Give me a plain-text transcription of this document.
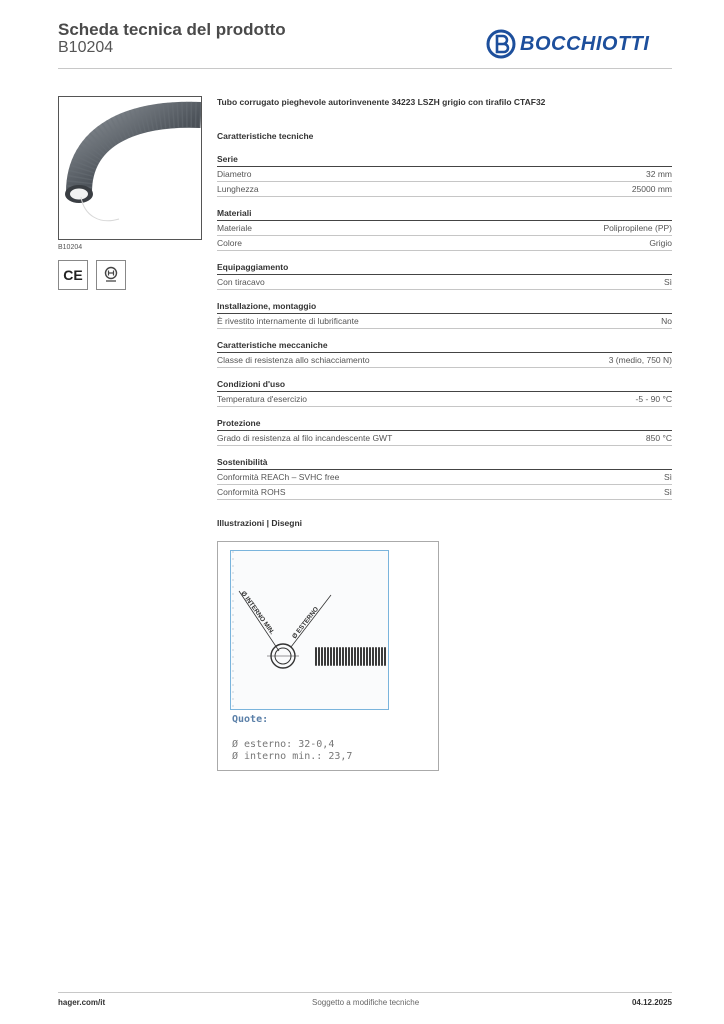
Scheda tecnica del prodotto
B10204	BOCCHIOTTI
B10204
CE
Tubo corrugato pieghevole autorinvenente 34223 LSZH grigio con tirafilo CTAF32
Caratteristiche tecniche
Serie
Diametro	32 mm
Lunghezza	25000 mm
Materiali
Materiale	Polipropilene (PP)
Colore	Grigio
Equipaggiamento
Con tiracavo	Sì
Installazione, montaggio
È rivestito internamente di lubrificante	No
Caratteristiche meccaniche
Classe di resistenza allo schiacciamento	3 (medio, 750 N)
Condizioni d'uso
Temperatura d'esercizio	-5 - 90 °C
Protezione
Grado di resistenza al filo incandescente GWT	850 °C
Sostenibilità
Conformità REACh – SVHC free	Sì
Conformità ROHS	Sì
Illustrazioni | Disegni
Ø INTERNO MIN. Ø ESTERNO
Quote:
Ø esterno: 32-0,4
Ø interno min.: 23,7
hager.com/it	Soggetto a modifiche tecniche	04.12.2025
